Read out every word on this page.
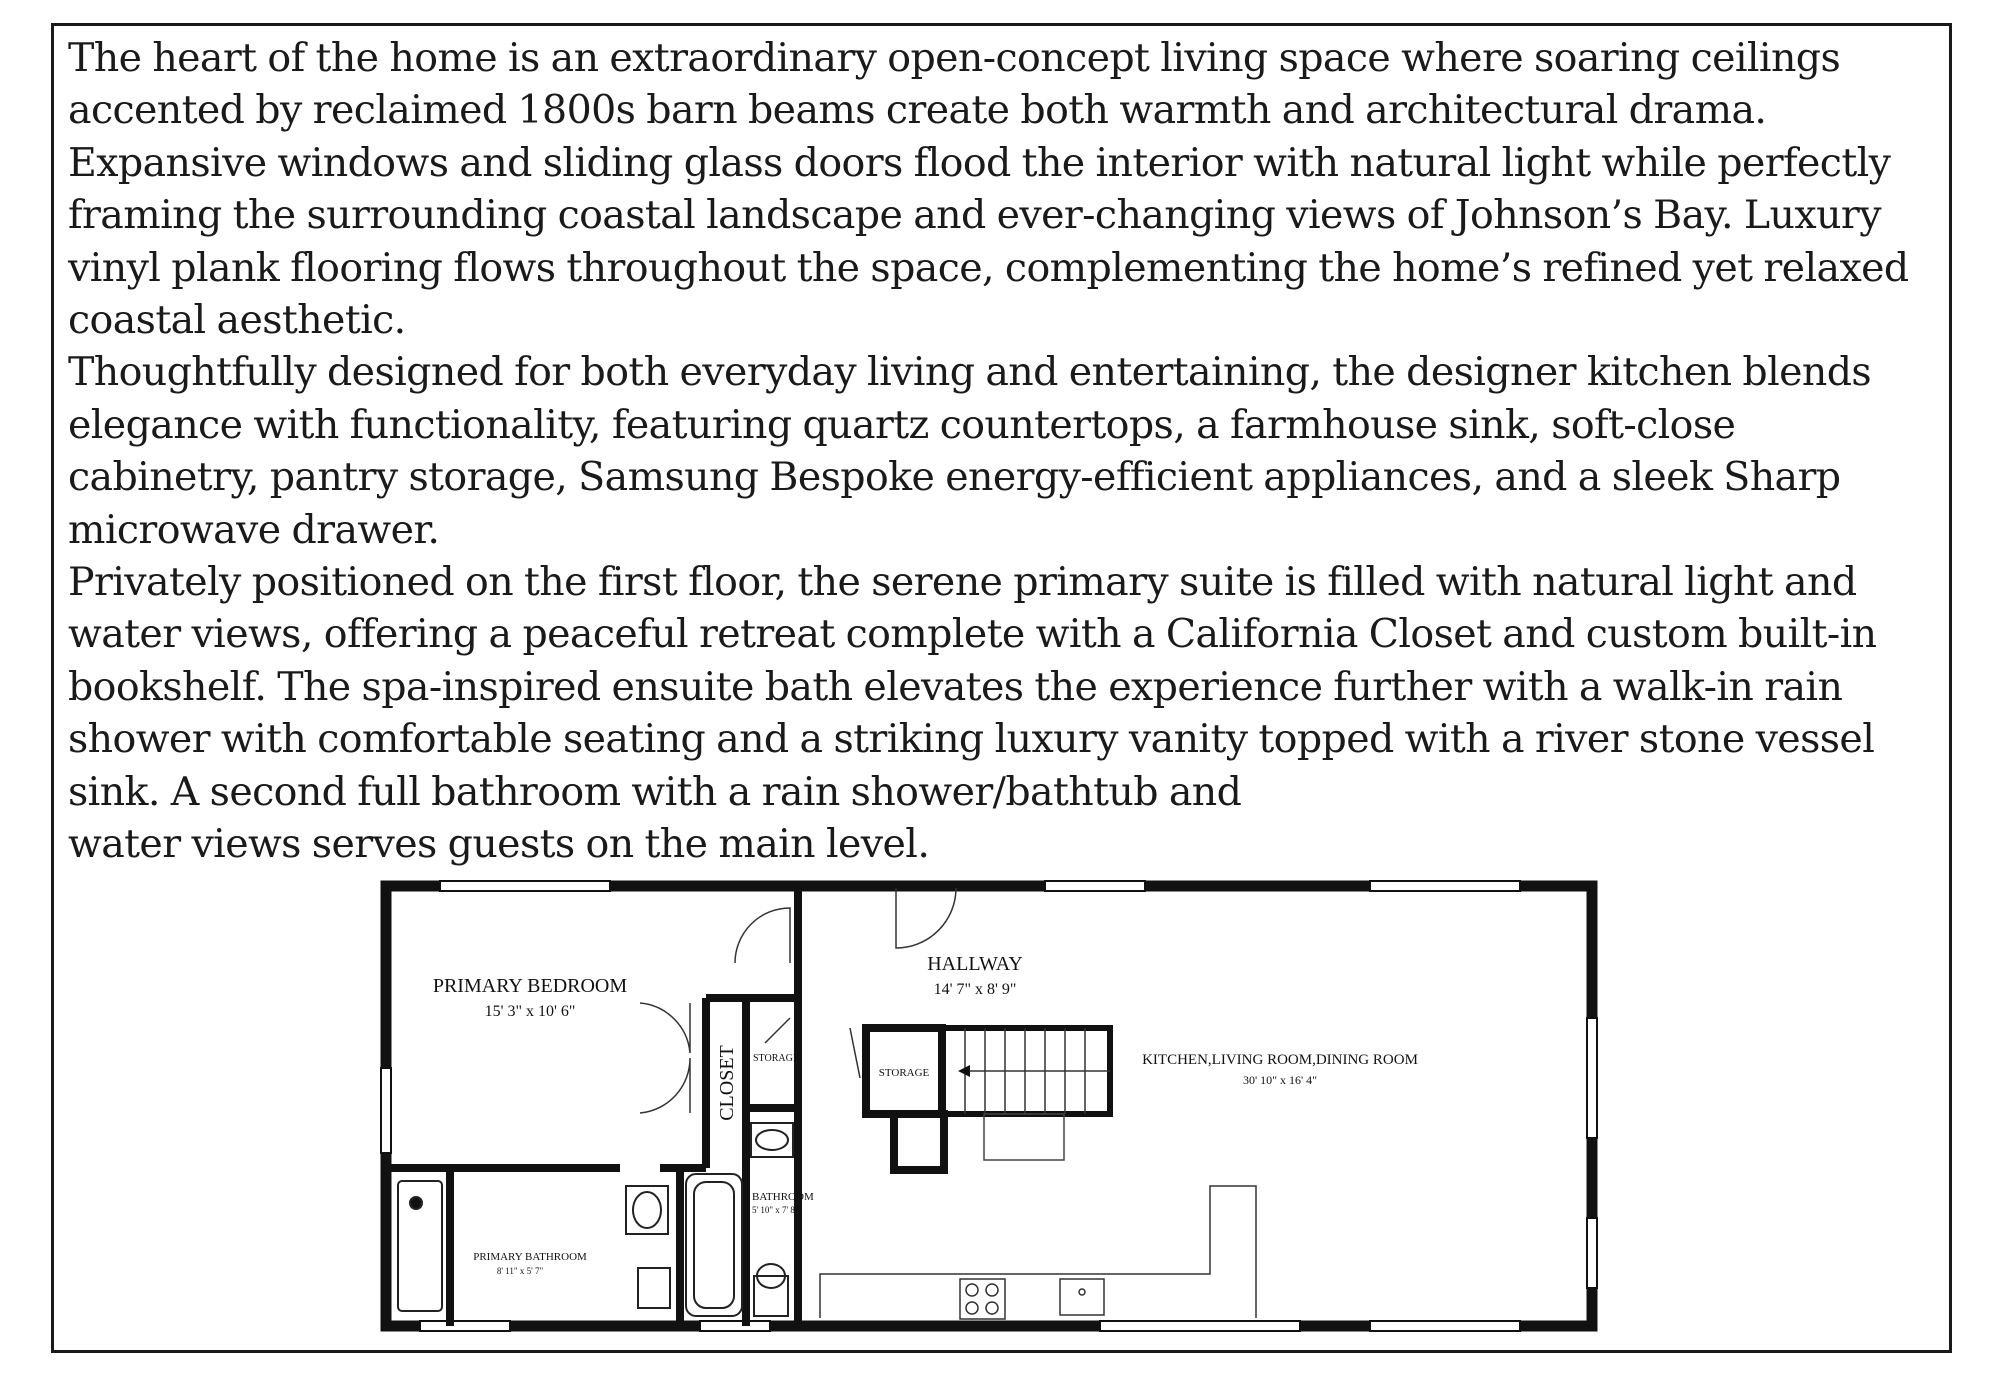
The heart of the home is an extraordinary open-concept living space where soaring ceilings
accented by reclaimed 1800s barn beams create both warmth and architectural drama.
Expansive windows and sliding glass doors flood the interior with natural light while perfectly
framing the surrounding coastal landscape and ever-changing views of Johnson’s Bay. Luxury
vinyl plank flooring flows throughout the space, complementing the home’s refined yet relaxed
coastal aesthetic.
Thoughtfully designed for both everyday living and entertaining, the designer kitchen blends
elegance with functionality, featuring quartz countertops, a farmhouse sink, soft-close
cabinetry, pantry storage, Samsung Bespoke energy-efficient appliances, and a sleek Sharp
microwave drawer.
Privately positioned on the first floor, the serene primary suite is filled with natural light and
water views, offering a peaceful retreat complete with a California Closet and custom built-in
bookshelf. The spa-inspired ensuite bath elevates the experience further with a walk-in rain
shower with comfortable seating and a striking luxury vanity topped with a river stone vessel
sink. A second full bathroom with a rain shower/bathtub and
water views serves guests on the main level.
PRIMARY BEDROOM
15' 3" x 10' 6"
HALLWAY
14' 7" x 8' 9"
KITCHEN,LIVING ROOM,DINING ROOM
30' 10" x 16' 4"
CLOSET STORAGE
STORAGE
BATHROOM
5' 10" x 7' 8"
PRIMARY BATHROOM
8' 11" x 5' 7"
